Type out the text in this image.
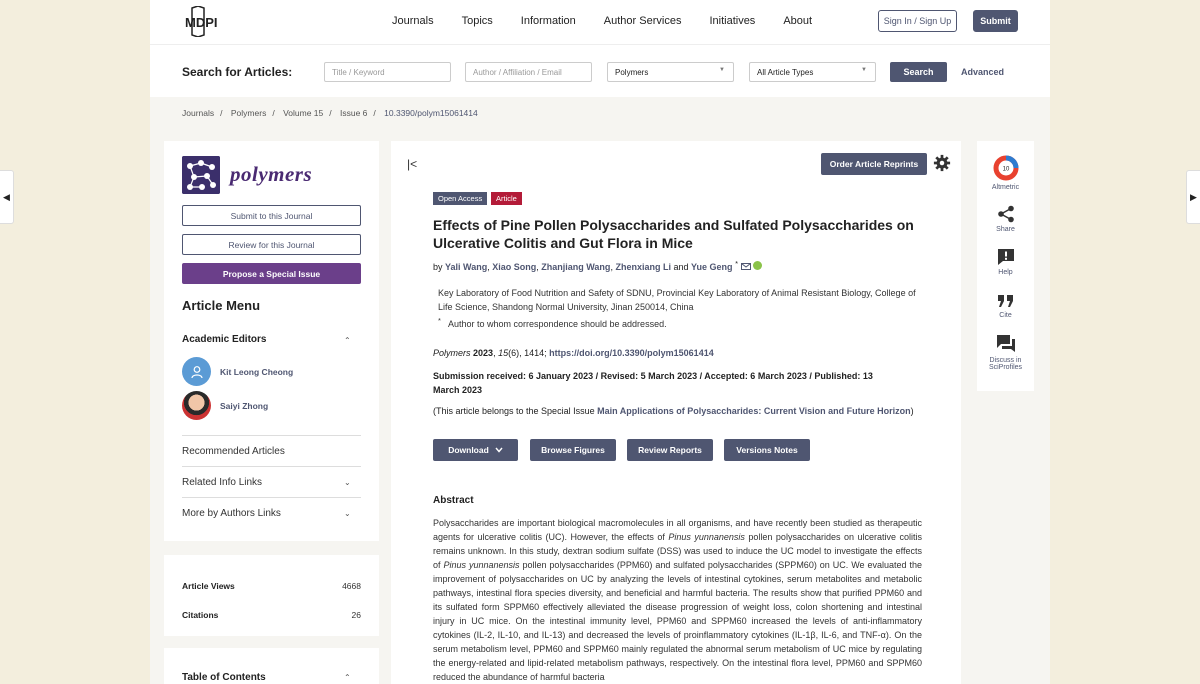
◀	▶
MDPI	Journals	Topics	Information	Author Services	Initiatives	About	Sign In / Sign Up	Submit
Search for Articles:	Title / Keyword	Author / Affiliation / Email	Polymers	▼	All Article Types	▼	Search	Advanced
Journals / Polymers / Volume 15 / Issue 6 / 10.3390/polym15061414
polymers
Submit to this Journal
Review for this Journal
Propose a Special Issue
Article Menu
Academic Editors	⌃
Kit Leong Cheong
Saiyi Zhong
Recommended Articles
Related Info Links	⌄
More by Authors Links	⌄
Article Views	4668
Citations	26
Table of Contents	⌃
|<	Order Article Reprints
Open Access	Article
Effects of Pine Pollen Polysaccharides and Sulfated Polysaccharides on Ulcerative Colitis and Gut Flora in Mice
by Yali Wang, Xiao Song, Zhanjiang Wang, Zhenxiang Li and Yue Geng *
Key Laboratory of Food Nutrition and Safety of SDNU, Provincial Key Laboratory of Animal Resistant Biology, College of Life Science, Shandong Normal University, Jinan 250014, China
* Author to whom correspondence should be addressed.
Polymers 2023, 15(6), 1414; https://doi.org/10.3390/polym15061414
Submission received: 6 January 2023 / Revised: 5 March 2023 / Accepted: 6 March 2023 / Published: 13 March 2023
(This article belongs to the Special Issue Main Applications of Polysaccharides: Current Vision and Future Horizon)
Download	Browse Figures	Review Reports	Versions Notes
Abstract
Polysaccharides are important biological macromolecules in all organisms, and have recently been studied as therapeutic agents for ulcerative colitis (UC). However, the effects of Pinus yunnanensis pollen polysaccharides on ulcerative colitis remains unknown. In this study, dextran sodium sulfate (DSS) was used to induce the UC model to investigate the effects of Pinus yunnanensis pollen polysaccharides (PPM60) and sulfated polysaccharides (SPPM60) on UC. We evaluated the improvement of polysaccharides on UC by analyzing the levels of intestinal cytokines, serum metabolites and metabolic pathways, intestinal flora species diversity, and beneficial and harmful bacteria. The results show that purified PPM60 and its sulfated form SPPM60 effectively alleviated the disease progression of weight loss, colon shortening and intestinal injury in UC mice. On the intestinal immunity level, PPM60 and SPPM60 increased the levels of anti-inflammatory cytokines (IL-2, IL-10, and IL-13) and decreased the levels of proinflammatory cytokines (IL-1β, IL-6, and TNF-α). On the serum metabolism level, PPM60 and SPPM60 mainly regulated the abnormal serum metabolism of UC mice by regulating the energy-related and lipid-related metabolism pathways, respectively. On the intestinal flora level, PPM60 and SPPM60 reduced the abundance of harmful bacteria
10
Altmetric
Share
Help
Cite
Discuss in SciProfiles
